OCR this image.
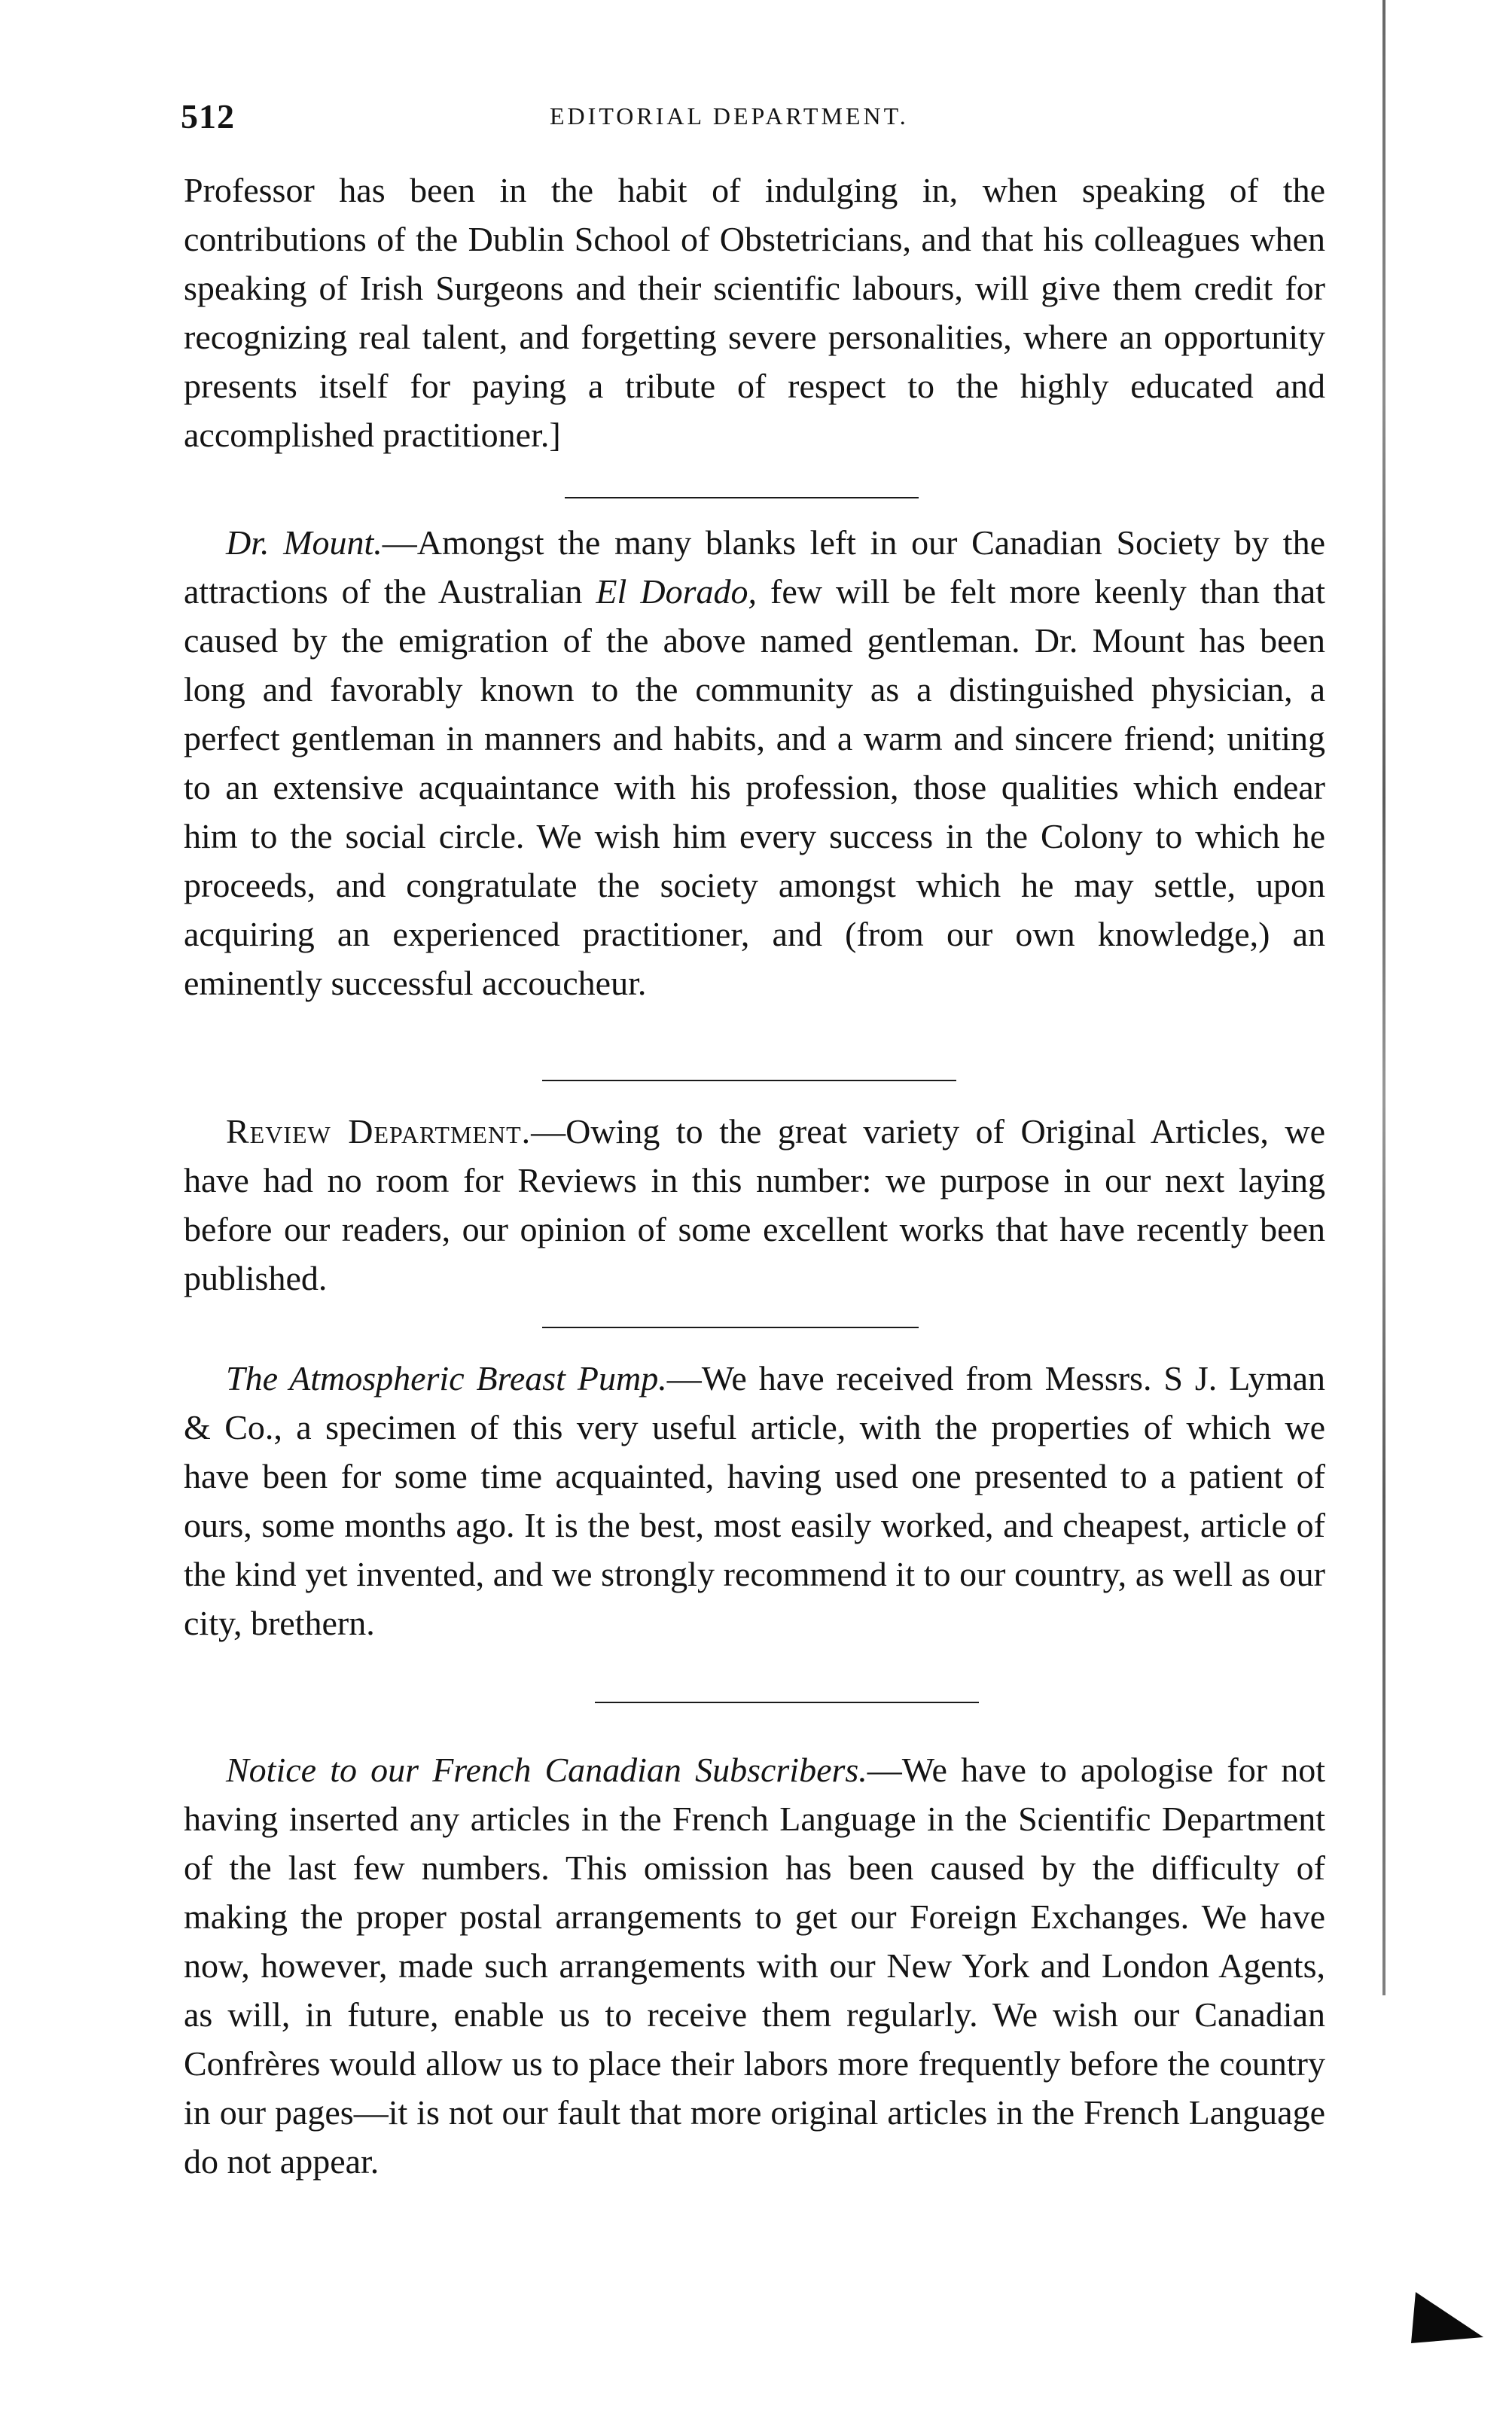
512	EDITORIAL DEPARTMENT.

Professor has been in the habit of indulging in, when speaking of the contributions of the Dublin School of Obstetricians, and that his colleagues when speaking of Irish Surgeons and their scientific labours, will give them credit for recognizing real talent, and forgetting severe personalities, where an opportunity presents itself for paying a tribute of respect to the highly educated and accomplished practitioner.]

Dr. Mount.—Amongst the many blanks left in our Canadian Society by the attractions of the Australian El Dorado, few will be felt more keenly than that caused by the emigration of the above named gentleman. Dr. Mount has been long and favorably known to the community as a distinguished physician, a perfect gentleman in manners and habits, and a warm and sincere friend; uniting to an extensive acquaintance with his profession, those qualities which endear him to the social circle. We wish him every success in the Colony to which he proceeds, and congratulate the society amongst which he may settle, upon acquiring an experienced practitioner, and (from our own knowledge,) an eminently successful accoucheur.

Review Department.—Owing to the great variety of Original Articles, we have had no room for Reviews in this number: we purpose in our next laying before our readers, our opinion of some excellent works that have recently been published.

The Atmospheric Breast Pump.—We have received from Messrs. S J. Lyman & Co., a specimen of this very useful article, with the properties of which we have been for some time acquainted, having used one presented to a patient of ours, some months ago. It is the best, most easily worked, and cheapest, article of the kind yet invented, and we strongly recommend it to our country, as well as our city, brethern.

Notice to our French Canadian Subscribers.—We have to apologise for not having inserted any articles in the French Language in the Scientific Department of the last few numbers. This omission has been caused by the difficulty of making the proper postal arrangements to get our Foreign Exchanges. We have now, however, made such arrangements with our New York and London Agents, as will, in future, enable us to receive them regularly. We wish our Canadian Confrères would allow us to place their labors more frequently before the country in our pages—it is not our fault that more original articles in the French Language do not appear.
